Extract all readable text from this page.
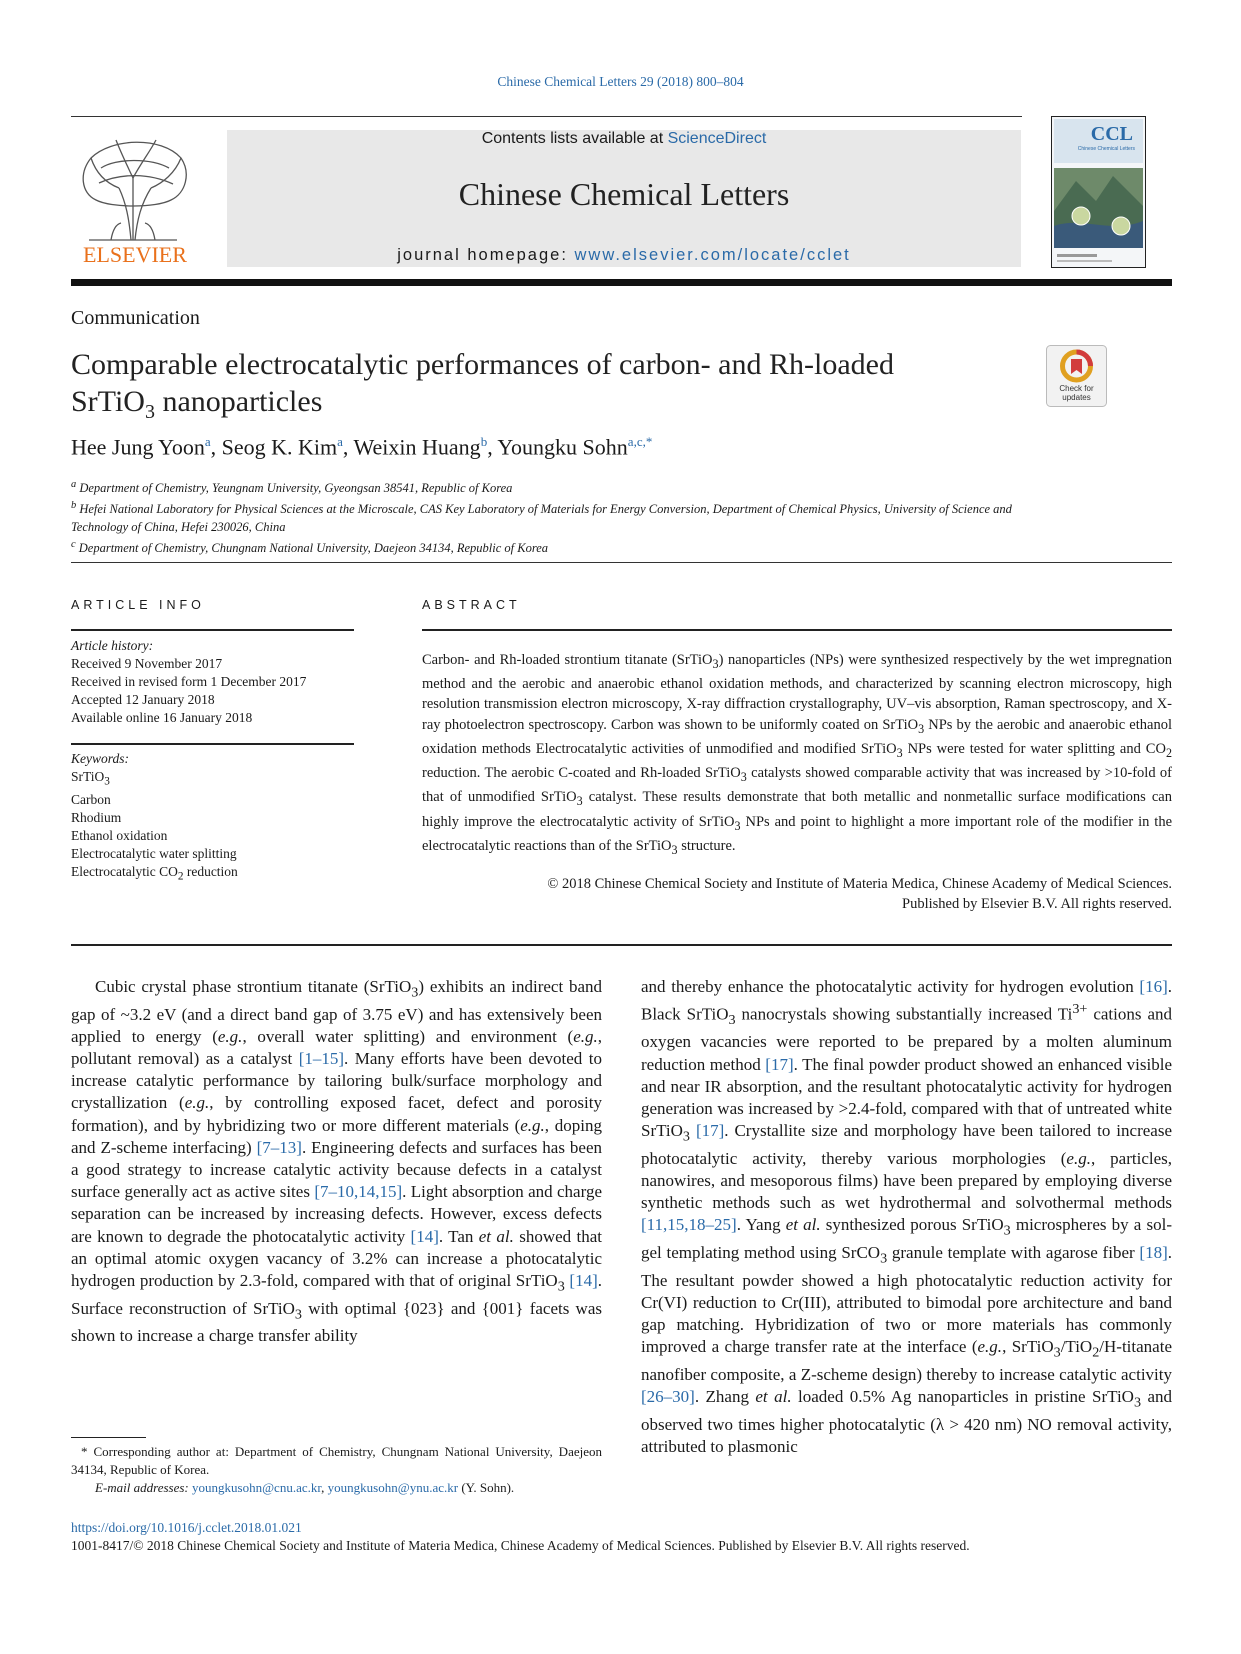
Chinese Chemical Letters 29 (2018) 800–804
ELSEVIER
Contents lists available at ScienceDirect
Chinese Chemical Letters
journal homepage: www.elsevier.com/locate/cclet
CCL
Chinese Chemical Letters
Communication
Comparable electrocatalytic performances of carbon- and Rh-loaded
SrTiO$_3$ nanoparticles	Check for
updates
Hee Jung Yoon$^a$, Seog K. Kim$^a$, Weixin Huang$^b$, Youngku Sohn$^{a,c,*}$
$^a$ Department of Chemistry, Yeungnam University, Gyeongsan 38541, Republic of Korea
$^b$ Hefei National Laboratory for Physical Sciences at the Microscale, CAS Key Laboratory of Materials for Energy Conversion, Department of Chemical Physics, University of Science and Technology of China, Hefei 230026, China
$^c$ Department of Chemistry, Chungnam National University, Daejeon 34134, Republic of Korea
ARTICLE INFO	ABSTRACT
Article history:
Received 9 November 2017
Received in revised form 1 December 2017
Accepted 12 January 2018
Available online 16 January 2018
Keywords:
SrTiO$_3$
Carbon
Rhodium
Ethanol oxidation
Electrocatalytic water splitting
Electrocatalytic $CO_2$ reduction
Carbon- and Rh-loaded strontium titanate (SrTiO$_3$) nanoparticles (NPs) were synthesized respectively by the wet impregnation method and the aerobic and anaerobic ethanol oxidation methods, and characterized by scanning electron microscopy, high resolution transmission electron microscopy, X-ray diffraction crystallography, UV–vis absorption, Raman spectroscopy, and X-ray photoelectron spectroscopy. Carbon was shown to be uniformly coated on SrTiO$_3$ NPs by the aerobic and anaerobic ethanol oxidation methods Electrocatalytic activities of unmodified and modified SrTiO$_3$ NPs were tested for water splitting and $CO_2$ reduction. The aerobic C-coated and Rh-loaded SrTiO$_3$ catalysts showed comparable activity that was increased by >10-fold of that of unmodified SrTiO$_3$ catalyst. These results demonstrate that both metallic and nonmetallic surface modifications can highly improve the electrocatalytic activity of SrTiO$_3$ NPs and point to highlight a more important role of the modifier in the electrocatalytic reactions than of the SrTiO$_3$ structure.
© 2018 Chinese Chemical Society and Institute of Materia Medica, Chinese Academy of Medical Sciences.
Published by Elsevier B.V. All rights reserved.
Cubic crystal phase strontium titanate (SrTiO$_3$) exhibits an indirect band gap of ~3.2 eV (and a direct band gap of 3.75 eV) and has extensively been applied to energy (e.g., overall water splitting) and environment (e.g., pollutant removal) as a catalyst [1–15]. Many efforts have been devoted to increase catalytic performance by tailoring bulk/surface morphology and crystallization (e.g., by controlling exposed facet, defect and porosity formation), and by hybridizing two or more different materials (e.g., doping and Z-scheme interfacing) [7–13]. Engineering defects and surfaces has been a good strategy to increase catalytic activity because defects in a catalyst surface generally act as active sites [7–10,14,15]. Light absorption and charge separation can be increased by increasing defects. However, excess defects are known to degrade the photocatalytic activity [14]. Tan et al. showed that an optimal atomic oxygen vacancy of 3.2% can increase a photocatalytic hydrogen production by 2.3-fold, compared with that of original SrTiO$_3$ [14]. Surface reconstruction of SrTiO$_3$ with optimal {023} and {001} facets was shown to increase a charge transfer ability
and thereby enhance the photocatalytic activity for hydrogen evolution [16]. Black SrTiO$_3$ nanocrystals showing substantially increased $Ti^{3+}$ cations and oxygen vacancies were reported to be prepared by a molten aluminum reduction method [17]. The final powder product showed an enhanced visible and near IR absorption, and the resultant photocatalytic activity for hydrogen generation was increased by >2.4-fold, compared with that of untreated white SrTiO$_3$ [17]. Crystallite size and morphology have been tailored to increase photocatalytic activity, thereby various morphologies (e.g., particles, nanowires, and mesoporous films) have been prepared by employing diverse synthetic methods such as wet hydrothermal and solvothermal methods [11,15,18–25]. Yang et al. synthesized porous SrTiO$_3$ microspheres by a sol-gel templating method using SrCO$_3$ granule template with agarose fiber [18]. The resultant powder showed a high photocatalytic reduction activity for Cr(VI) reduction to Cr(III), attributed to bimodal pore architecture and band gap matching. Hybridization of two or more materials has commonly improved a charge transfer rate at the interface (e.g., SrTiO$_3$/TiO$_2$/H-titanate nanofiber composite, a Z-scheme design) thereby to increase catalytic activity [26–30]. Zhang et al. loaded 0.5% Ag nanoparticles in pristine SrTiO$_3$ and observed two times higher photocatalytic (λ > 420 nm) NO removal activity, attributed to plasmonic
* Corresponding author at: Department of Chemistry, Chungnam National University, Daejeon 34134, Republic of Korea.
E-mail addresses: youngkusohn@cnu.ac.kr, youngkusohn@ynu.ac.kr (Y. Sohn).
https://doi.org/10.1016/j.cclet.2018.01.021
1001-8417/© 2018 Chinese Chemical Society and Institute of Materia Medica, Chinese Academy of Medical Sciences. Published by Elsevier B.V. All rights reserved.
